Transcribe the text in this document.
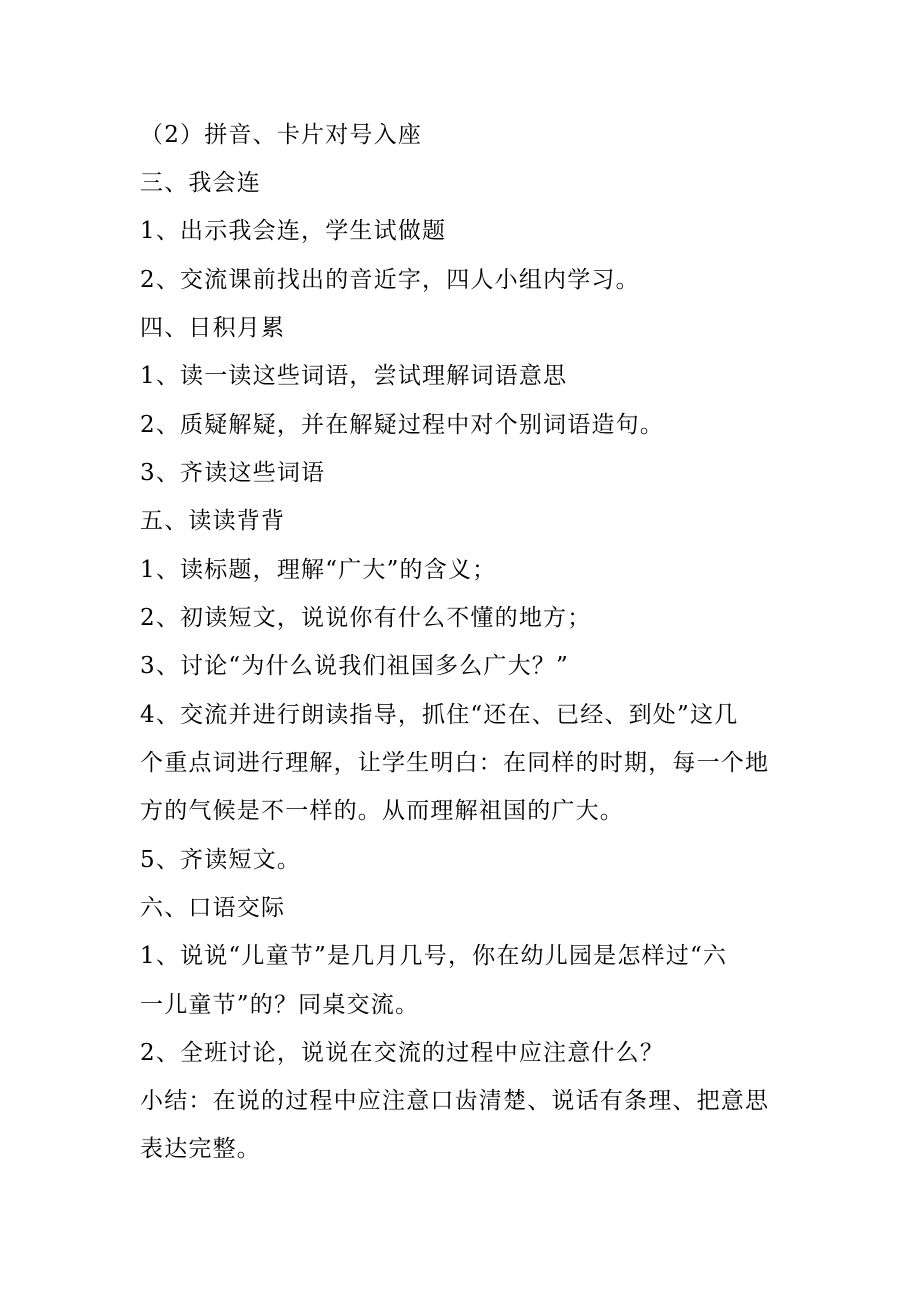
（2）拼音、卡片对号入座
三、我会连
1、出示我会连，学生试做题
2、交流课前找出的音近字，四人小组内学习。
四、日积月累
1、读一读这些词语，尝试理解词语意思
2、质疑解疑，并在解疑过程中对个别词语造句。
3、齐读这些词语
五、读读背背
1、读标题，理解“广大”的含义；
2、初读短文，说说你有什么不懂的地方；
3、讨论“为什么说我们祖国多么广大？”
4、交流并进行朗读指导，抓住“还在、已经、到处”这几
个重点词进行理解，让学生明白：在同样的时期，每一个地
方的气候是不一样的。从而理解祖国的广大。
5、齐读短文。
六、口语交际
1、说说“儿童节”是几月几号，你在幼儿园是怎样过“六
一儿童节”的？同桌交流。
2、全班讨论，说说在交流的过程中应注意什么？
小结：在说的过程中应注意口齿清楚、说话有条理、把意思
表达完整。
